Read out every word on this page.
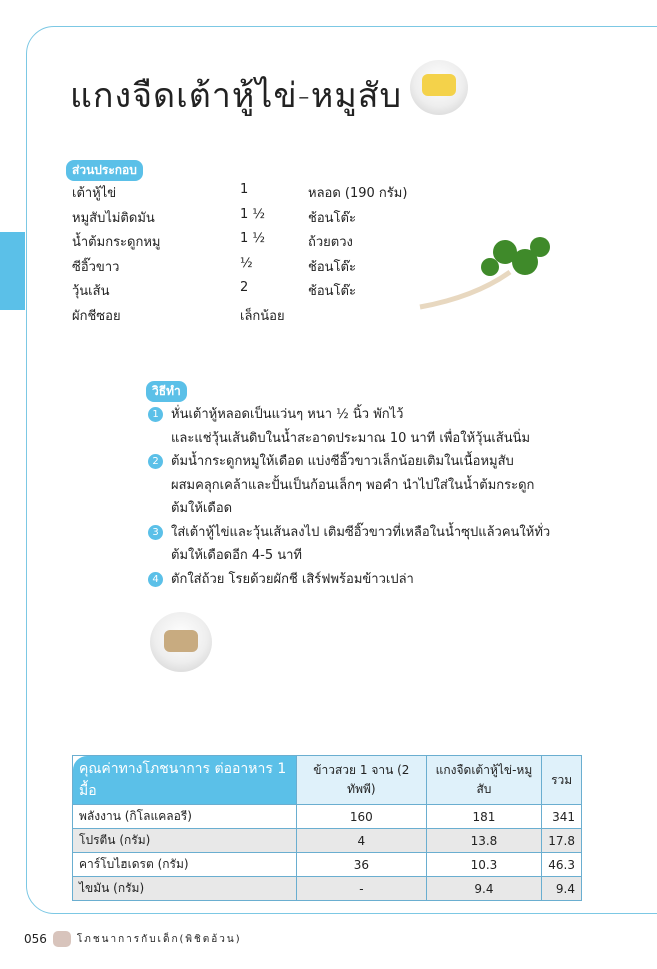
แกงจืดเต้าหู้ไข่-หมูสับ
ส่วนประกอบ
เต้าหู้ไข่	1	หลอด (190 กรัม)
หมูสับไม่ติดมัน	1 ½	ช้อนโต๊ะ
น้ำต้มกระดูกหมู	1 ½	ถ้วยตวง
ซีอิ๊วขาว	½	ช้อนโต๊ะ
วุ้นเส้น	2	ช้อนโต๊ะ
ผักชีซอย	เล็กน้อย
วิธีทำ
1 หั่นเต้าหู้หลอดเป็นแว่นๆ หนา ½ นิ้ว พักไว้
และแช่วุ้นเส้นดิบในน้ำสะอาดประมาณ 10 นาที เพื่อให้วุ้นเส้นนิ่ม
2 ต้มน้ำกระดูกหมูให้เดือด แบ่งซีอิ๊วขาวเล็กน้อยเติมในเนื้อหมูสับ
ผสมคลุกเคล้าและปั้นเป็นก้อนเล็กๆ พอคำ นำไปใส่ในน้ำต้มกระดูก
ต้มให้เดือด
3 ใส่เต้าหู้ไข่และวุ้นเส้นลงไป เติมซีอิ๊วขาวที่เหลือในน้ำซุปแล้วคนให้ทั่ว
ต้มให้เดือดอีก 4-5 นาที
4 ตักใส่ถ้วย โรยด้วยผักชี เสิร์ฟพร้อมข้าวเปล่า
คุณค่าทางโภชนาการ ต่ออาหาร 1 มื้อ	ข้าวสวย 1 จาน (2 ทัพพี)	แกงจืดเต้าหู้ไข่-หมูสับ	รวม
พลังงาน (กิโลแคลอรี)	160	181	341
โปรตีน (กรัม)	4	13.8	17.8
คาร์โบไฮเดรต (กรัม)	36	10.3	46.3
ไขมัน (กรัม)	-	9.4	9.4
056	โภชนาการกับเด็ก(พิชิตอ้วน)
